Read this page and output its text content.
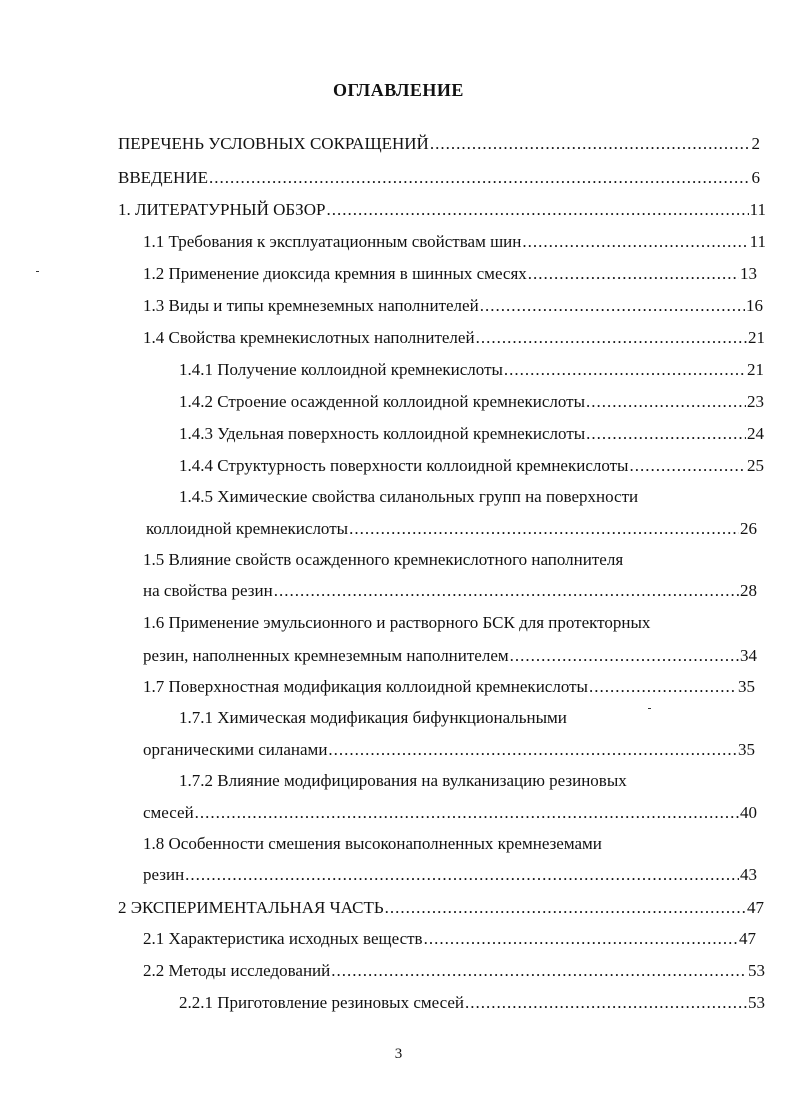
ОГЛАВЛЕНИЕ
ПЕРЕЧЕНЬ УСЛОВНЫХ СОКРАЩЕНИЙ .....	2
ВВЕДЕНИЕ .....	6
1. ЛИТЕРАТУРНЫЙ ОБЗОР .....	11
1.1 Требования к эксплуатационным свойствам шин .....	11
1.2 Применение диоксида кремния в шинных смесях .....	13
1.3 Виды и типы кремнеземных наполнителей .....	16
1.4 Свойства кремнекислотных наполнителей .....	21
1.4.1 Получение коллоидной кремнекислоты .....	21
1.4.2 Строение осажденной коллоидной кремнекислоты .....	23
1.4.3 Удельная поверхность коллоидной кремнекислоты .....	24
1.4.4 Структурность поверхности коллоидной кремнекислоты .....	25
1.4.5 Химические свойства силанольных групп на поверхности
коллоидной кремнекислоты .....	26
1.5 Влияние свойств осажденного кремнекислотного наполнителя
на свойства резин .....	28
1.6 Применение эмульсионного и растворного БСК для протекторных
резин, наполненных кремнеземным наполнителем .....	34
1.7 Поверхностная модификация коллоидной кремнекислоты .....	35
1.7.1 Химическая модификация бифункциональными
органическими силанами .....	35
1.7.2 Влияние модифицирования на вулканизацию резиновых
смесей .....	40
1.8 Особенности смешения высоконаполненных кремнеземами
резин .....	43
2 ЭКСПЕРИМЕНТАЛЬНАЯ ЧАСТЬ .....	47
2.1 Характеристика исходных веществ .....	47
2.2 Методы исследований .....	53
2.2.1 Приготовление резиновых смесей .....	53
3
